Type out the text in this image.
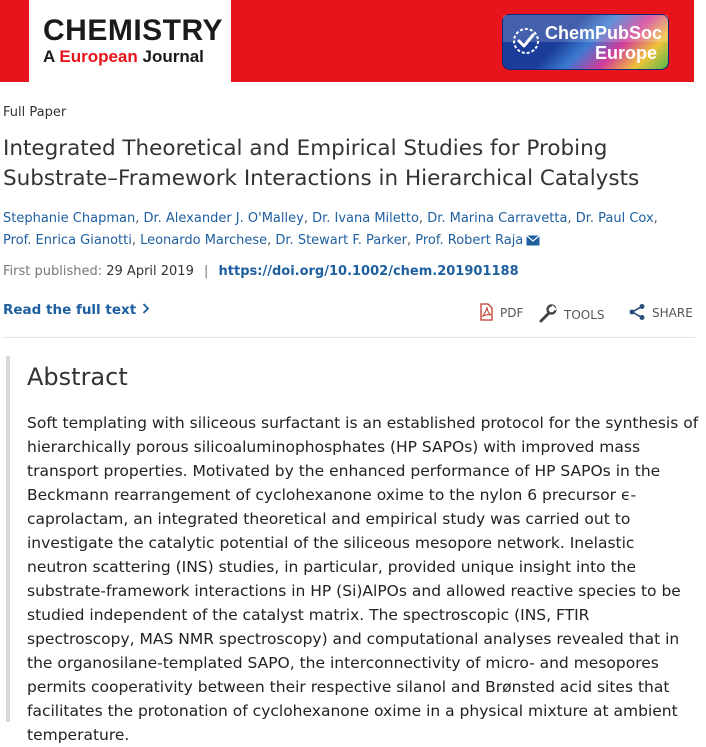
CHEMISTRY
A European Journal
ChemPubSoc
Europe
Full Paper
Integrated Theoretical and Empirical Studies for Probing Substrate–Framework Interactions in Hierarchical Catalysts
Stephanie Chapman, Dr. Alexander J. O'Malley, Dr. Ivana Miletto, Dr. Marina Carravetta, Dr. Paul Cox, Prof. Enrica Gianotti, Leonardo Marchese, Dr. Stewart F. Parker, Prof. Robert Raja
First published: 29 April 2019 | https://doi.org/10.1002/chem.201901188
Read the full text	PDF	TOOLS	SHARE
Abstract

Soft templating with siliceous surfactant is an established protocol for the synthesis of hierarchically porous silicoaluminophosphates (HP SAPOs) with improved mass transport properties. Motivated by the enhanced performance of HP SAPOs in the Beckmann rearrangement of cyclohexanone oxime to the nylon 6 precursor ϵ-caprolactam, an integrated theoretical and empirical study was carried out to investigate the catalytic potential of the siliceous mesopore network. Inelastic neutron scattering (INS) studies, in particular, provided unique insight into the substrate-framework interactions in HP (Si)AlPOs and allowed reactive species to be studied independent of the catalyst matrix. The spectroscopic (INS, FTIR spectroscopy, MAS NMR spectroscopy) and computational analyses revealed that in the organosilane-templated SAPO, the interconnectivity of micro- and mesopores permits cooperativity between their respective silanol and Brønsted acid sites that facilitates the protonation of cyclohexanone oxime in a physical mixture at ambient temperature.
